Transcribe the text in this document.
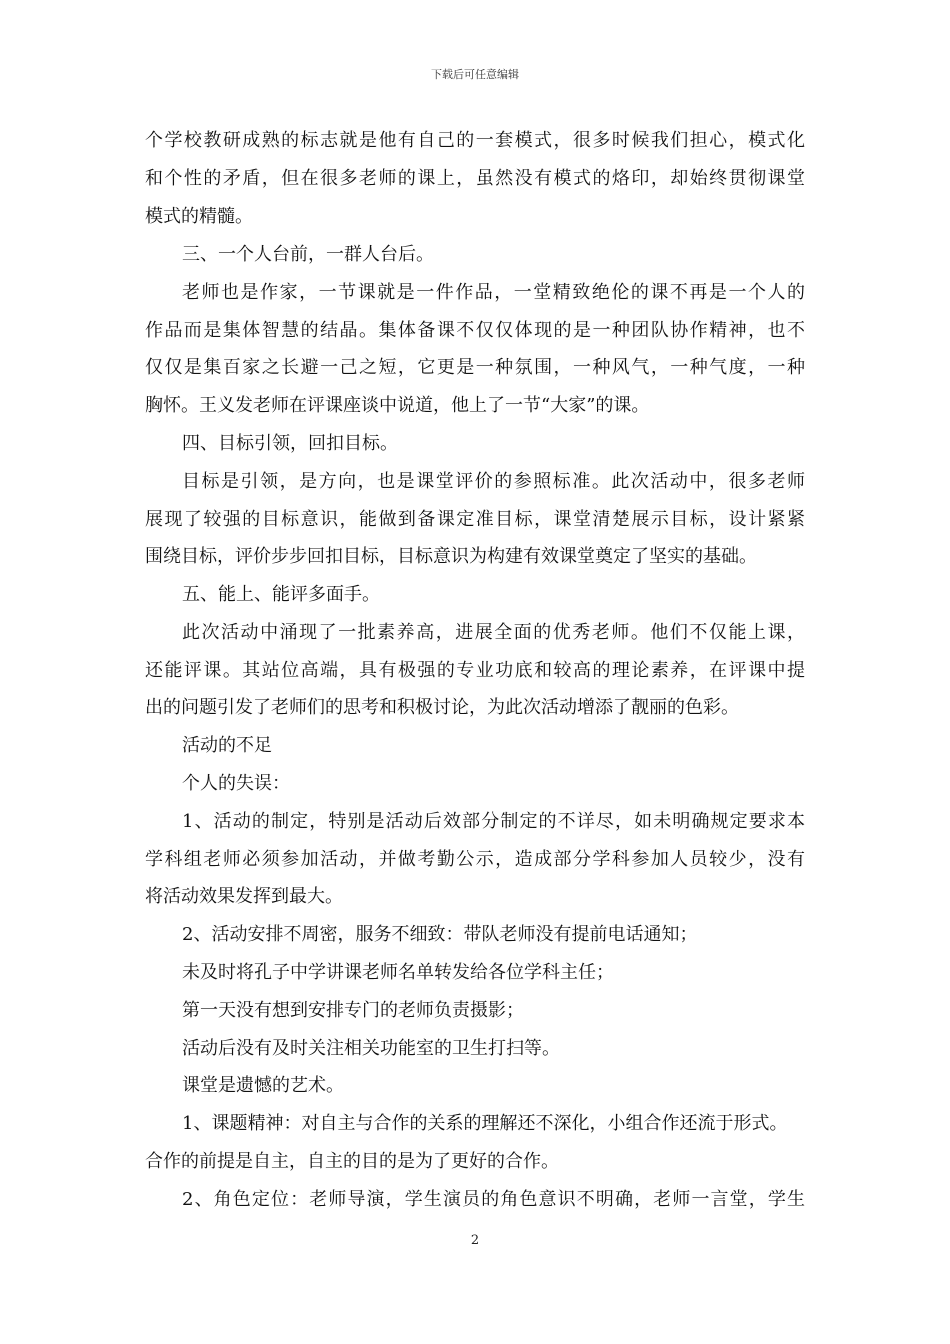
下载后可任意编辑
个学校教研成熟的标志就是他有自己的一套模式，很多时候我们担心，模式化
和个性的矛盾，但在很多老师的课上，虽然没有模式的烙印，却始终贯彻课堂
模式的精髓。
三、一个人台前，一群人台后。
老师也是作家，一节课就是一件作品，一堂精致绝伦的课不再是一个人的
作品而是集体智慧的结晶。集体备课不仅仅体现的是一种团队协作精神，也不
仅仅是集百家之长避一己之短，它更是一种氛围，一种风气，一种气度，一种
胸怀。王义发老师在评课座谈中说道，他上了一节“大家”的课。
四、目标引领，回扣目标。
目标是引领，是方向，也是课堂评价的参照标准。此次活动中，很多老师
展现了较强的目标意识，能做到备课定准目标，课堂清楚展示目标，设计紧紧
围绕目标，评价步步回扣目标，目标意识为构建有效课堂奠定了坚实的基础。
五、能上、能评多面手。
此次活动中涌现了一批素养高，进展全面的优秀老师。他们不仅能上课，
还能评课。其站位高端，具有极强的专业功底和较高的理论素养，在评课中提
出的问题引发了老师们的思考和积极讨论，为此次活动增添了靓丽的色彩。
活动的不足
个人的失误：
1、活动的制定，特别是活动后效部分制定的不详尽，如未明确规定要求本
学科组老师必须参加活动，并做考勤公示，造成部分学科参加人员较少，没有
将活动效果发挥到最大。
2、活动安排不周密，服务不细致：带队老师没有提前电话通知；
未及时将孔子中学讲课老师名单转发给各位学科主任；
第一天没有想到安排专门的老师负责摄影；
活动后没有及时关注相关功能室的卫生打扫等。
课堂是遗憾的艺术。
1、课题精神：对自主与合作的关系的理解还不深化，小组合作还流于形式。
合作的前提是自主，自主的目的是为了更好的合作。
2、角色定位：老师导演，学生演员的角色意识不明确，老师一言堂，学生
2
